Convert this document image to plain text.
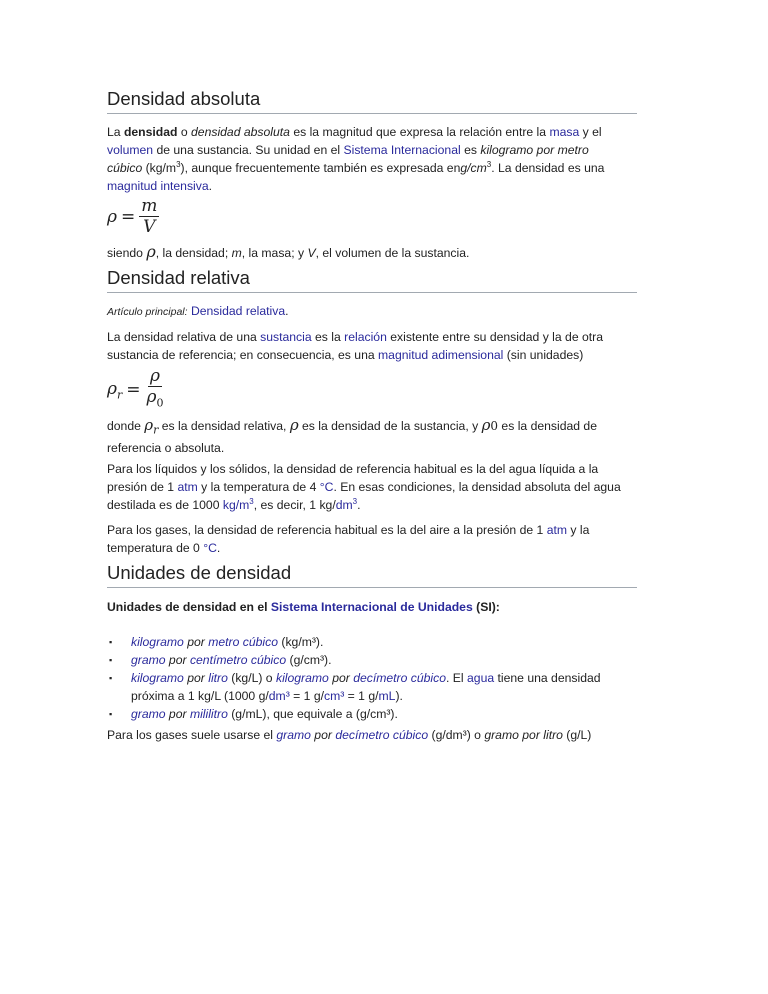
Densidad absoluta

La densidad o densidad absoluta es la magnitud que expresa la relación entre la masa y el volumen de una sustancia. Su unidad en el Sistema Internacional es kilogramo por metro cúbico $(kg/m^3)$, aunque frecuentemente también es expresada eng/$cm^3$. La densidad es una magnitud intensiva.

$\rho = \frac{m}{V}$

siendo ρ, la densidad; m, la masa; y V, el volumen de la sustancia.

Densidad relativa

Artículo principal: Densidad relativa.

La densidad relativa de una sustancia es la relación existente entre su densidad y la de otra sustancia de referencia; en consecuencia, es una magnitud adimensional (sin unidades)

$\rho_r = \frac{\rho}{\rho_0}$

donde $\rho_r$ es la densidad relativa, ρ es la densidad de la sustancia, y ρ0 es la densidad de referencia o absoluta.

Para los líquidos y los sólidos, la densidad de referencia habitual es la del agua líquida a la presión de 1 atm y la temperatura de 4 °C. En esas condiciones, la densidad absoluta del agua destilada es de 1000 $kg/m^3$, es decir, 1 $kg/dm^3$.

Para los gases, la densidad de referencia habitual es la del aire a la presión de 1 atm y la temperatura de 0 °C.

Unidades de densidad

Unidades de densidad en el Sistema Internacional de Unidades (SI):

▪ kilogramo por metro cúbico (kg/m³).
▪ gramo por centímetro cúbico (g/cm³).
▪ kilogramo por litro (kg/L) o kilogramo por decímetro cúbico. El agua tiene una densidad próxima a 1 kg/L (1000 g/dm³ = 1 g/cm³ = 1 g/mL).
▪ gramo por mililitro (g/mL), que equivale a (g/cm³).

Para los gases suele usarse el gramo por decímetro cúbico (g/dm³) o gramo por litro (g/L)
